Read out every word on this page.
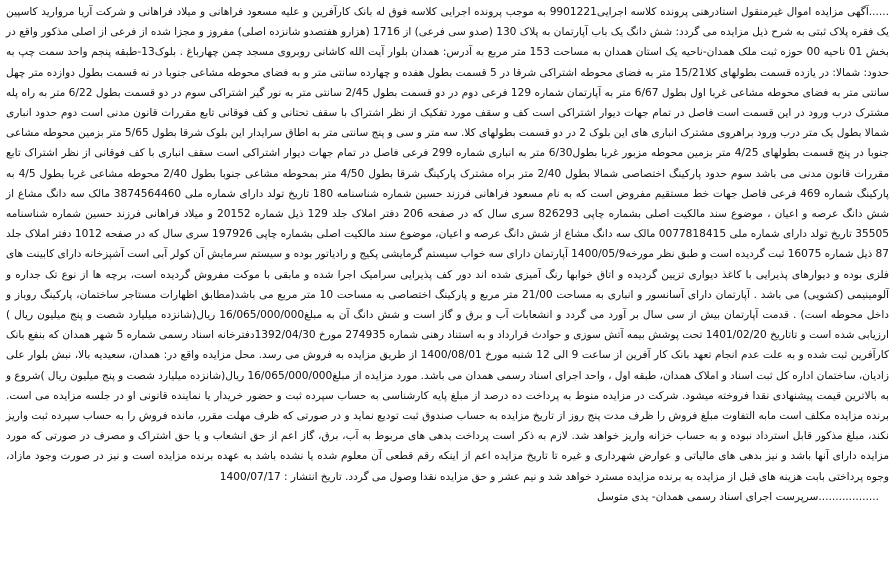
......آگهی مزایده اموال غیرمنقول استادرهنی پرونده کلاسه اجرایی9901221 به موجب پرونده اجرایی کلاسه فوق له بانک کارآفرین و علیه مسعود فراهانی و میلاد فراهانی و شرکت آریا مروارید کاسپین یک فقره پلاک ثبتی به شرح ذیل مزایده می گردد: شش دانگ یک باب آپارتمان به پلاک 130 (صدو سی فرعی) از 1716 (هزارو هفتصدو شانزده اصلی) مفروز و مجزا شده از فرعی از اصلی مذکور واقع در بخش 01 ناحیه 00 حوزه ثبت ملک همدان-ناحیه یک استان همدان به مساحت 153 متر مربع به آدرس: همدان بلوار آیت الله کاشانی روبروی مسجد چمن چهارباغ . بلوک13-طبقه پنجم واحد سمت چپ به حدود: شمالا: در یازده قسمت بطولهای کلا15/21 متر به فضای محوطه اشتراکی شرقا در 5 قسمت بطول هفده و چهارده سانتی متر و به فضای محوطه مشاعی جنوبا در نه قسمت بطول دوازده متر چهل سانتی متر به فضای محوطه مشاعی غربا اول بطول 6/67 متر به آپارتمان شماره 129 فرعی دوم در دو قسمت بطول 2/45 سانتی متر به نور گیر اشتراکی سوم در دو قسمت بطول 6/22 متر به راه پله مشترک درب ورود در این قسمت است فاصل در تمام جهات دیوار اشتراکی است کف و سقف مورد تفکیک از نظر اشتراک با سقف تحتانی و کف فوقانی تابع مقررات قانون مدنی است دوم حدود انباری شمالا بطول یک متر درب ورود براهروی مشترک انباری های این بلوک 2 در دو قسمت بطولهای کلا. سه متر و سی و پنج سانتی متر به اطاق سرایدار این بلوک شرقا بطول 5/65 متر بزمین محوطه مشاعی جنوبا در پنج قسمت بطولهای 4/25 متر بزمین محوطه مزبور غربا بطول6/30 متر به انباری شماره 299 فرعی فاصل در تمام جهات دیوار اشتراکی است سقف انباری با کف فوقانی از نظر اشتراک تابع مقررات قانون مدنی می باشد سوم حدود پارکینگ اختصاصی شمالا بطول 2/40 متر براه مشترک پارکینگ شرقا بطول 4/50 متر بمحوطه مشاعی جنوبا بطول 2/40 محوطه مشاعی غربا بطول 4/5 به پارکینگ شماره 469 فرعی فاصل جهات خط مستقیم مفروض است که به نام مسعود فراهانی فرزند حسین شماره شناسنامه 180 تاریخ تولد دارای شماره ملی 3874564460 مالک سه دانگ مشاع از شش دانگ عرصه و اعیان ، موضوع سند مالکیت اصلی بشماره چاپی 826293 سری سال که در صفحه 206 دفتر املاک جلد 129 ذیل شماره 20152 و میلاد فراهانی فرزند حسین شماره شناسنامه 35505 تاریخ تولد دارای شماره ملی 0077818415 مالک سه دانگ مشاع از شش دانگ عرصه و اعیان، موضوع سند مالکیت اصلی بشماره چاپی 197926 سری سال که در صفحه 1012 دفتر املاک جلد 87 ذیل شماره 16075 ثبت گردیده است و طبق نظر مورخه1400/05/9 آپارتمان دارای سه خواب سیستم گرمایشی پکیج و رادیاتور بوده و سیستم سرمایش آن کولر آبی است آشپزخانه دارای کابینت های فلزی بوده و دیوارهای پذیرایی با کاغذ دیواری تزیین گردیده و اتاق خوابها رنگ آمیزی شده اند دور کف پذیرایی سرامیک اجرا شده و مابقی با موکت مفروش گردیده است، برچه ها از نوع تک جداره و آلومینیمی (کشویی) می باشد . آپارتمان دارای آسانسور و انباری به مساحت 21/00 متر مربع و پارکینگ اختصاصی به مساحت 10 متر مربع می باشد(مطابق اظهارات مستاجر ساختمان، پارکینگ روباز و داخل محوطه است) . قدمت آپارتمان بیش از سی سال بر آورد می گردد و انشعابات آب و برق و گاز است و شش دانگ آن به مبلغ16/065/000/000 ریال(شانزده میلیارد شصت و پنج میلیون ریال ) ارزیابی شده است و تاتاریخ 1401/02/20 تحت پوشش بیمه آتش سوزی و حوادث قرارداد و به استناد رهنی شماره 274935 مورخ 1392/04/30دفترخانه اسناد رسمی شماره 5 شهر همدان که بنفع بانک کارآفرین ثبت شده و به علت عدم انجام تعهد بانک کار آفرین از ساعت 9 الی 12 شنبه مورخ 1400/08/01 از طریق مزایده به فروش می رسد. محل مزایده واقع در: همدان، سعیدیه بالا، نبش بلوار علی زادیان، ساختمان اداره کل ثبت اسناد و املاک همدان، طبقه اول ، واحد اجرای اسناد رسمی همدان می باشد. مورد مزایده از مبلغ16/065/000/000 ریال(شانزده میلیارد شصت و پنج میلیون ریال )شروع و به بالاترین قیمت پیشنهادی نقدا فروخته میشود. شرکت در مزایده منوط به پرداخت ده درصد از مبلغ پایه کارشناسی به حساب سپرده ثبت و حضور خریدار یا نماینده قانونی او در جلسه مزایده می است. برنده مزایده مکلف است مابه التفاوت مبلغ فروش را ظرف مدت پنج روز از تاریخ مزایده به حساب صندوق ثبت تودیع نماید و در صورتی که ظرف مهلت مقرر، مانده فروش را به حساب سپرده ثبت واریز نکند، مبلغ مذکور قابل استرداد نبوده و به حساب خزانه واریز خواهد شد. لازم به ذکر است پرداخت بدهی های مربوط به آب، برق، گاز اعم از حق انشعاب و یا حق اشتراک و مصرف در صورتی که مورد مزایده دارای آنها باشد و نیز بدهی های مالیاتی و عوارض شهرداری و غیره تا تاریخ مزایده اعم از اینکه رقم قطعی آن معلوم شده یا نشده باشد به عهده برنده مزایده است و نیز در صورت وجود مازاد، وجوه پرداختی بابت هزینه های قبل از مزایده به برنده مزایده مسترد خواهد شد و نیم عشر و حق مزایده نقدا وصول می گردد. تاریخ انتشار : 1400/07/17

..................سرپرست اجرای اسناد رسمی همدان- یدی متوسل
